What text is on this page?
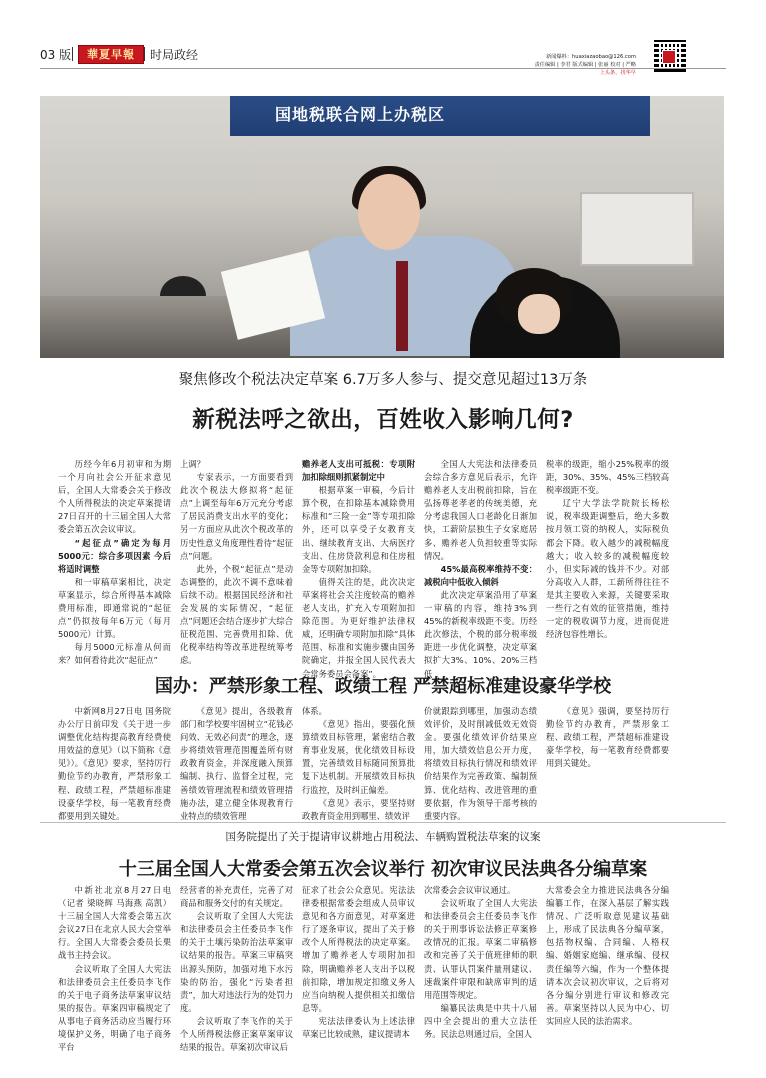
03 版	華夏早報	时局政经	新闻爆料：huaxiazaobao@126.com
责任编辑 | 李君 版式编辑 | 张丽 校对 | 严略
上头条，找华早
国地税联合网上办税区
聚焦修改个税法决定草案 6.7万多人参与、提交意见超过13万条
新税法呼之欲出，百姓收入影响几何?

历经今年6月初审和为期一个月向社会公开征求意见后，全国人大常委会关于修改个人所得税法的决定草案提请27日召开的十三届全国人大常委会第五次会议审议。

“起征点”确定为每月5000元：综合多项因素 今后将适时调整

和一审稿草案相比，决定草案显示，综合所得基本减除费用标准，即通常说的“起征点”仍拟按每年6万元（每月5000元）计算。

每月5000元标准从何而来？如何看待此次“起征点”

上调？

专家表示，一方面要看到此次个税法大修拟将“起征点”上调至每年6万元充分考虑了居民消费支出水平的变化；另一方面应从此次个税改革的历史性意义角度理性看待“起征点”问题。

此外，个税“起征点”是动态调整的，此次不调不意味着后续不动。根据国民经济和社会发展的实际情况，“起征点”问题还会结合逐步扩大综合征税范围、完善费用扣除、优化税率结构等改革进程统筹考虑。

赡养老人支出可抵税：专项附加扣除细则抓紧制定中

根据草案一审稿，今后计算个税，在扣除基本减除费用标准和“三险一金”等专项扣除外，还可以享受子女教育支出、继续教育支出、大病医疗支出、住房贷款利息和住房租金等专项附加扣除。

值得关注的是，此次决定草案将社会关注度较高的赡养老人支出，扩充入专项附加扣除范围。为更好维护法律权威，还明确专项附加扣除“具体范围、标准和实施步骤由国务院确定，并报全国人民代表大会常务委员会备案”。

全国人大宪法和法律委员会综合多方意见后表示，允许赡养老人支出税前扣除，旨在弘扬尊老孝老的传统美德，充分考虑我国人口老龄化日渐加快，工薪阶层独生子女家庭居多、赡养老人负担较重等实际情况。

45%最高税率维持不变：减税向中低收入倾斜

此次决定草案沿用了草案一审稿的内容，维持3%到45%的新税率级距不变。历经此次修法，个税的部分税率级距进一步优化调整，决定草案拟扩大3%、10%、20%三档低

税率的级距，缩小25%税率的级距，30%、35%、45%三档较高税率级距不变。

辽宁大学法学院院长杨松说，税率级距调整后，绝大多数按月领工资的纳税人，实际税负都会下降。收入越少的减税幅度越大；收入较多的减税幅度较小，但实际减的钱并不少。对部分高收入人群，工薪所得往往不是其主要收入来源，关键要采取一些行之有效的征管措施，维持一定的税收调节力度，进而促进经济包容性增长。

国办：严禁形象工程、政绩工程 严禁超标准建设豪华学校

中新网8月27日电 国务院办公厅日前印发《关于进一步调整优化结构提高教育经费使用效益的意见》（以下简称《意见》）。《意见》要求，坚持厉行勤俭节约办教育，严禁形象工程、政绩工程，严禁超标准建设豪华学校，每一笔教育经费都要用到关键处。

《意见》提出，各级教育部门和学校要牢固树立“花钱必问效、无效必问责”的理念，逐步将绩效管理范围覆盖所有财政教育资金，并深度融入预算编制、执行、监督全过程，完善绩效管理流程和绩效管理措施办法，建立健全体现教育行业特点的绩效管理

体系。

《意见》指出，要强化预算绩效目标管理，紧密结合教育事业发展，优化绩效目标设置，完善绩效目标随同预算批复下达机制。开展绩效目标执行监控，及时纠正偏差。

《意见》表示，要坚持财政教育资金用到哪里、绩效评

价就跟踪到哪里，加强动态绩效评价，及时削减低效无效资金。要强化绩效评价结果应用，加大绩效信息公开力度，将绩效目标执行情况和绩效评价结果作为完善政策、编制预算、优化结构、改进管理的重要依据，作为领导干部考核的重要内容。

《意见》强调，要坚持厉行勤俭节约办教育，严禁形象工程、政绩工程，严禁超标准建设豪华学校，每一笔教育经费都要用到关键处。

国务院提出了关于提请审议耕地占用税法、车辆购置税法草案的议案
十三届全国人大常委会第五次会议举行 初次审议民法典各分编草案

中新社北京8月27日电（记者 梁晓辉 马海燕 高凯）十三届全国人大常委会第五次会议27日在北京人民大会堂举行。全国人大常委会委员长栗战书主持会议。

会议听取了全国人大宪法和法律委员会主任委员李飞作的关于电子商务法草案审议结果的报告。草案四审稿规定了从事电子商务活动应当履行环境保护义务，明确了电子商务平台

经营者的补充责任，完善了对商品和服务交付的有关规定。

会议听取了全国人大宪法和法律委员会主任委员李飞作的关于土壤污染防治法草案审议结果的报告。草案三审稿突出源头预防，加强对地下水污染的防治，强化“污染者担责”，加大对违法行为的处罚力度。

会议听取了李飞作的关于个人所得税法修正案草案审议结果的报告。草案初次审议后

征求了社会公众意见。宪法法律委根据常委会组成人员审议意见和各方面意见，对草案进行了逐条审议，提出了关于修改个人所得税法的决定草案。增加了赡养老人专项附加扣除，明确赡养老人支出予以税前扣除，增加规定扣缴义务人应当向纳税人提供相关扣缴信息等。

宪法法律委认为上述法律草案已比较成熟，建议提请本

次常委会会议审议通过。

会议听取了全国人大宪法和法律委员会主任委员李飞作的关于刑事诉讼法修正草案修改情况的汇报。草案二审稿修改和完善了关于值班律师的职责、认罪认罚案件量刑建议、速裁案件审限和缺席审判的适用范围等规定。

编纂民法典是中共十八届四中全会提出的重大立法任务。民法总则通过后，全国人

大常委会全力推进民法典各分编编纂工作，在深入基层了解实践情况、广泛听取意见建议基础上，形成了民法典各分编草案，包括物权编、合同编、人格权编、婚姻家庭编、继承编、侵权责任编等六编，作为一个整体提请本次会议初次审议，之后将对各分编分别进行审议和修改完善。草案坚持以人民为中心、切实回应人民的法治需求。
